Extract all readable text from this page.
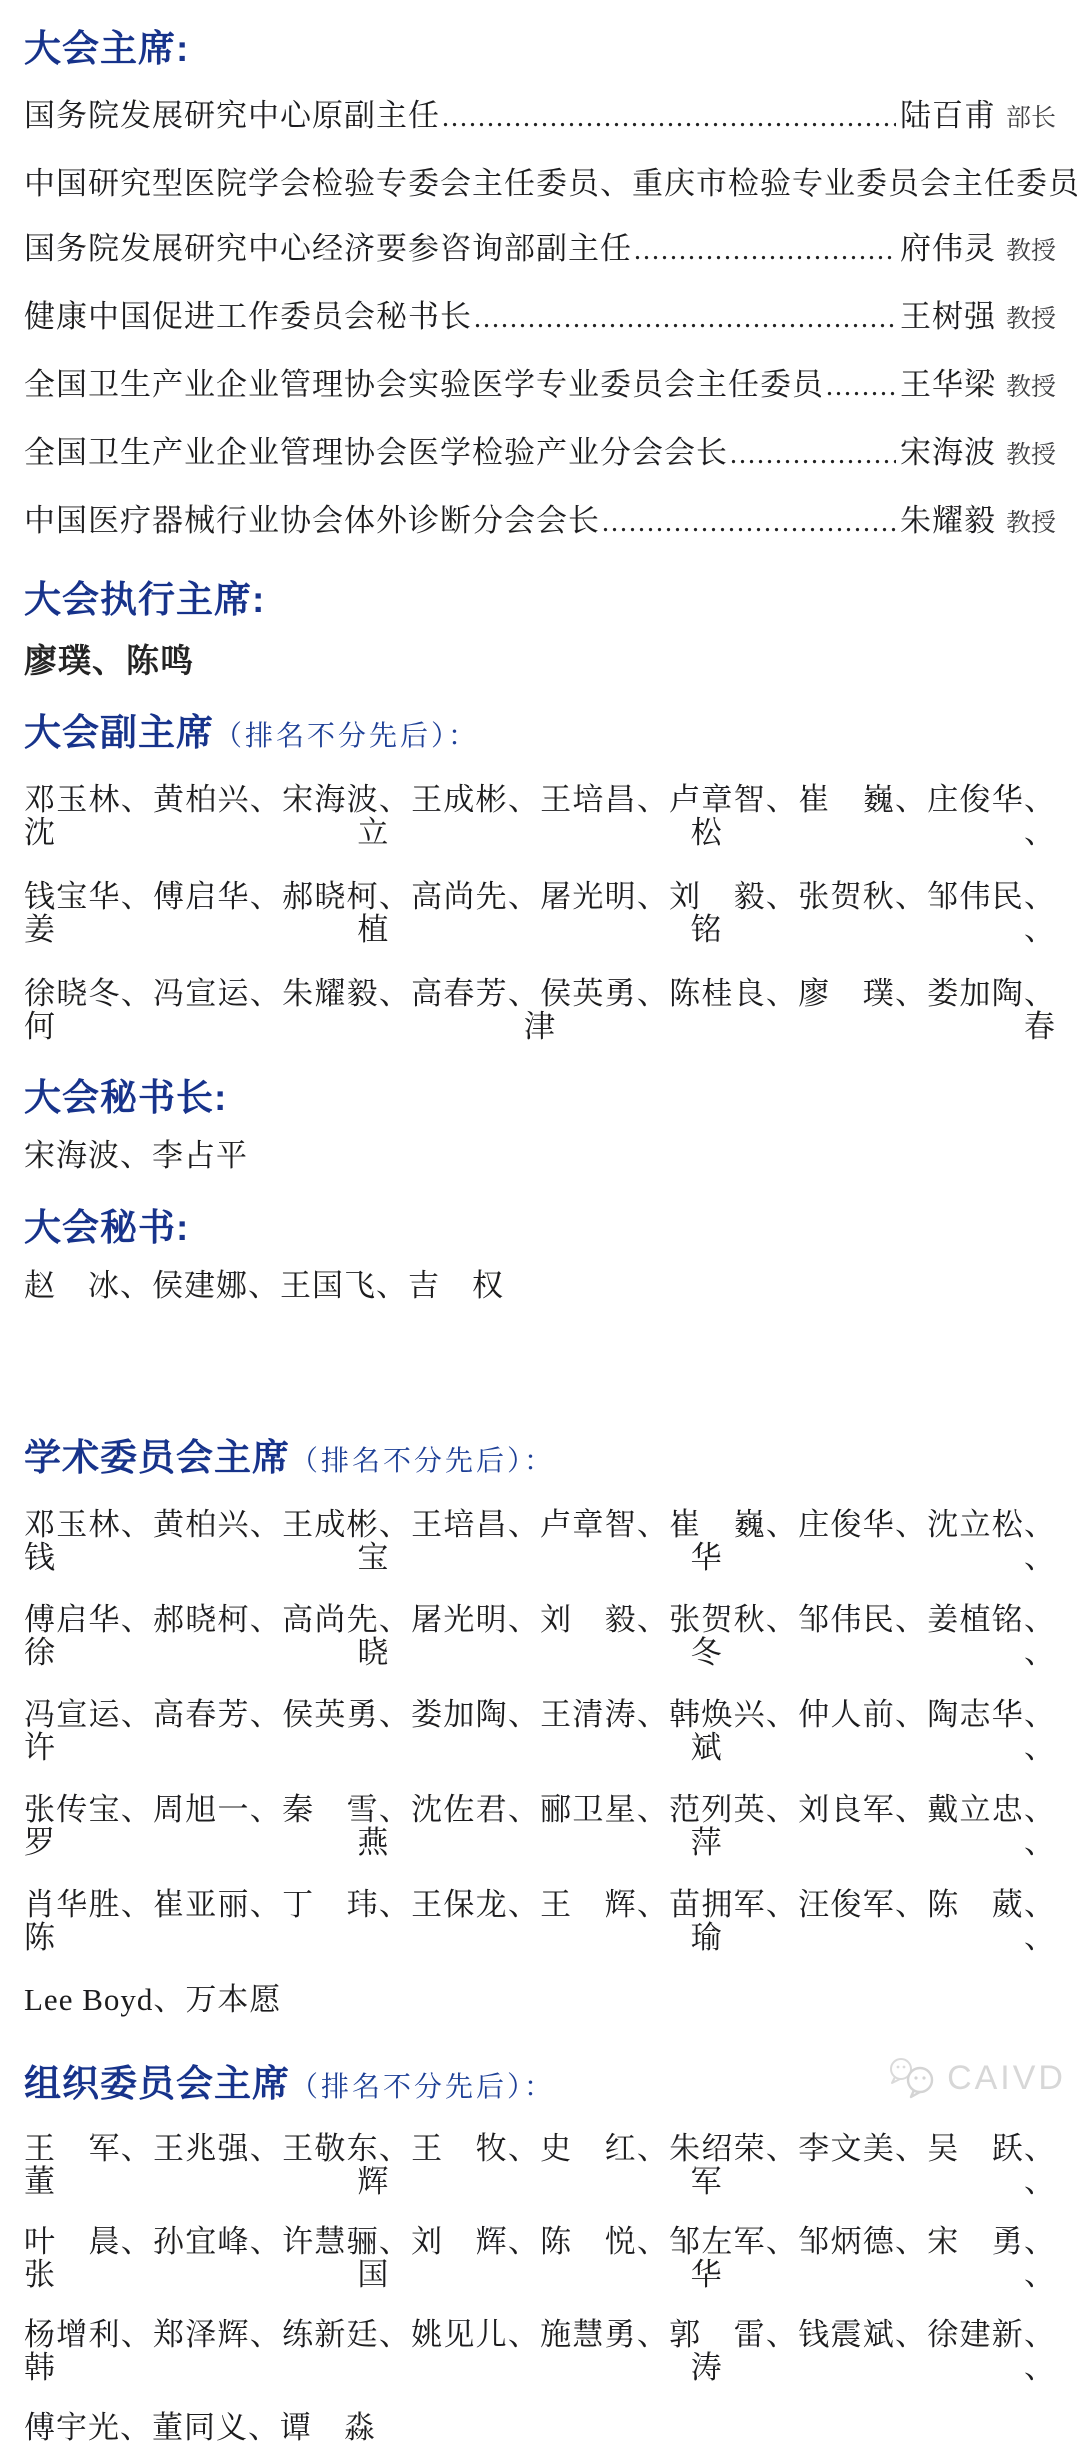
大会主席:
国务院发展研究中心原副主任 .....	陆百甫 部长
中国研究型医院学会检验专委会主任委员、重庆市检验专业委员会主任委员
国务院发展研究中心经济要参咨询部副主任 .....	府伟灵 教授
健康中国促进工作委员会秘书长 .....	王树强 教授
全国卫生产业企业管理协会实验医学专业委员会主任委员 ..... 王华梁 教授
全国卫生产业企业管理协会医学检验产业分会会长 .....	宋海波 教授
中国医疗器械行业协会体外诊断分会会长 .....	朱耀毅 教授
大会执行主席:
廖璞、陈鸣
大会副主席（排名不分先后）：
邓玉林、黄柏兴、宋海波、王成彬、王培昌、卢章智、崔　巍、庄俊华、沈立松、
钱宝华、傅启华、郝晓柯、高尚先、屠光明、刘　毅、张贺秋、邹伟民、姜植铭、
徐晓冬、冯宣运、朱耀毅、高春芳、侯英勇、陈桂良、廖　璞、娄加陶、何津春
大会秘书长:
宋海波、李占平
大会秘书:
赵　冰、侯建娜、王国飞、吉　权
学术委员会主席（排名不分先后）：
邓玉林、黄柏兴、王成彬、王培昌、卢章智、崔　巍、庄俊华、沈立松、钱宝华、
傅启华、郝晓柯、高尚先、屠光明、刘　毅、张贺秋、邹伟民、姜植铭、徐晓冬、
冯宣运、高春芳、侯英勇、娄加陶、王清涛、韩焕兴、仲人前、陶志华、许　斌、
张传宝、周旭一、秦　雪、沈佐君、郦卫星、范列英、刘良军、戴立忠、罗燕萍、
肖华胜、崔亚丽、丁　玮、王保龙、王　辉、苗拥军、汪俊军、陈　葳、陈　瑜、
Lee Boyd、万本愿
组织委员会主席（排名不分先后）：
王　军、王兆强、王敬东、王　牧、史　红、朱绍荣、李文美、吴　跃、董辉军、
叶　晨、孙宜峰、许慧骊、刘　辉、陈　悦、邹左军、邹炳德、宋　勇、张国华、
杨增利、郑泽辉、练新廷、姚见儿、施慧勇、郭　雷、钱震斌、徐建新、韩　涛、
傅宇光、董同义、谭　淼
CAIVD
